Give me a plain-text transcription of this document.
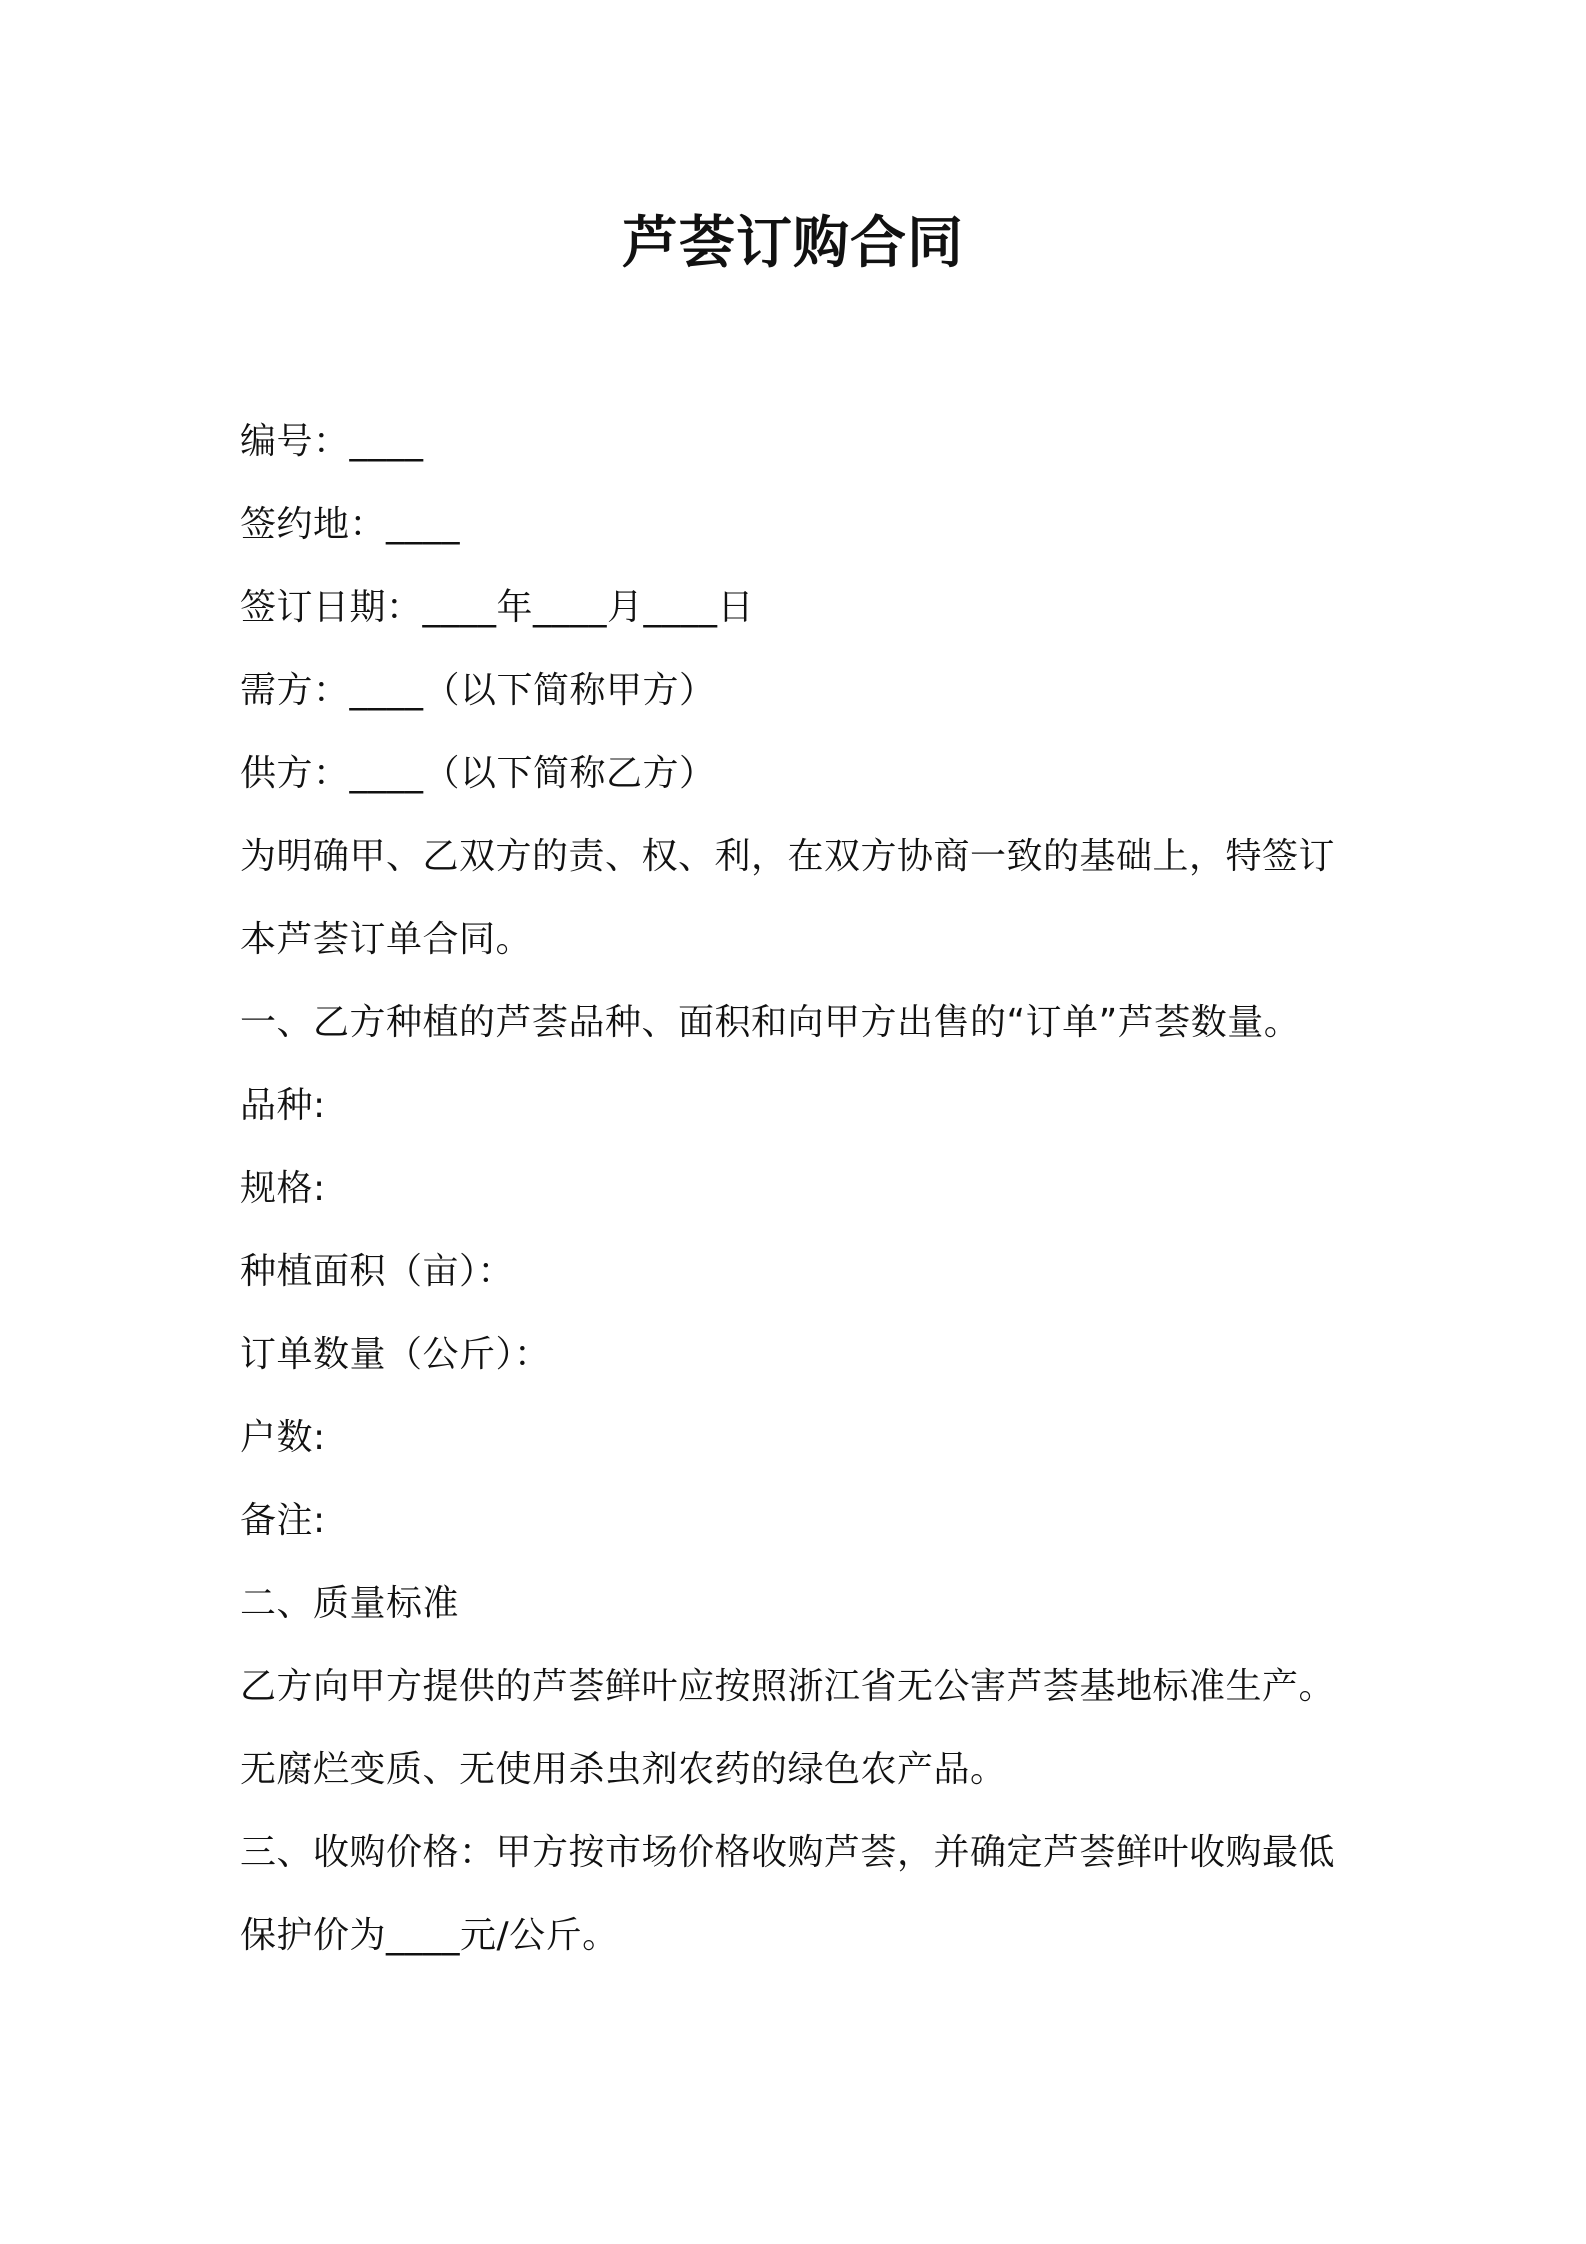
芦荟订购合同
编号：____
签约地：____
签订日期：____年____月____日
需方：____（以下简称甲方）
供方：____（以下简称乙方）
为明确甲、乙双方的责、权、利，在双方协商一致的基础上，特签订
本芦荟订单合同。
一、乙方种植的芦荟品种、面积和向甲方出售的“订单”芦荟数量。
品种:
规格:
种植面积（亩）：
订单数量（公斤）：
户数:
备注:
二、质量标准
乙方向甲方提供的芦荟鲜叶应按照浙江省无公害芦荟基地标准生产。
无腐烂变质、无使用杀虫剂农药的绿色农产品。
三、收购价格：甲方按市场价格收购芦荟，并确定芦荟鲜叶收购最低
保护价为____元/公斤。
